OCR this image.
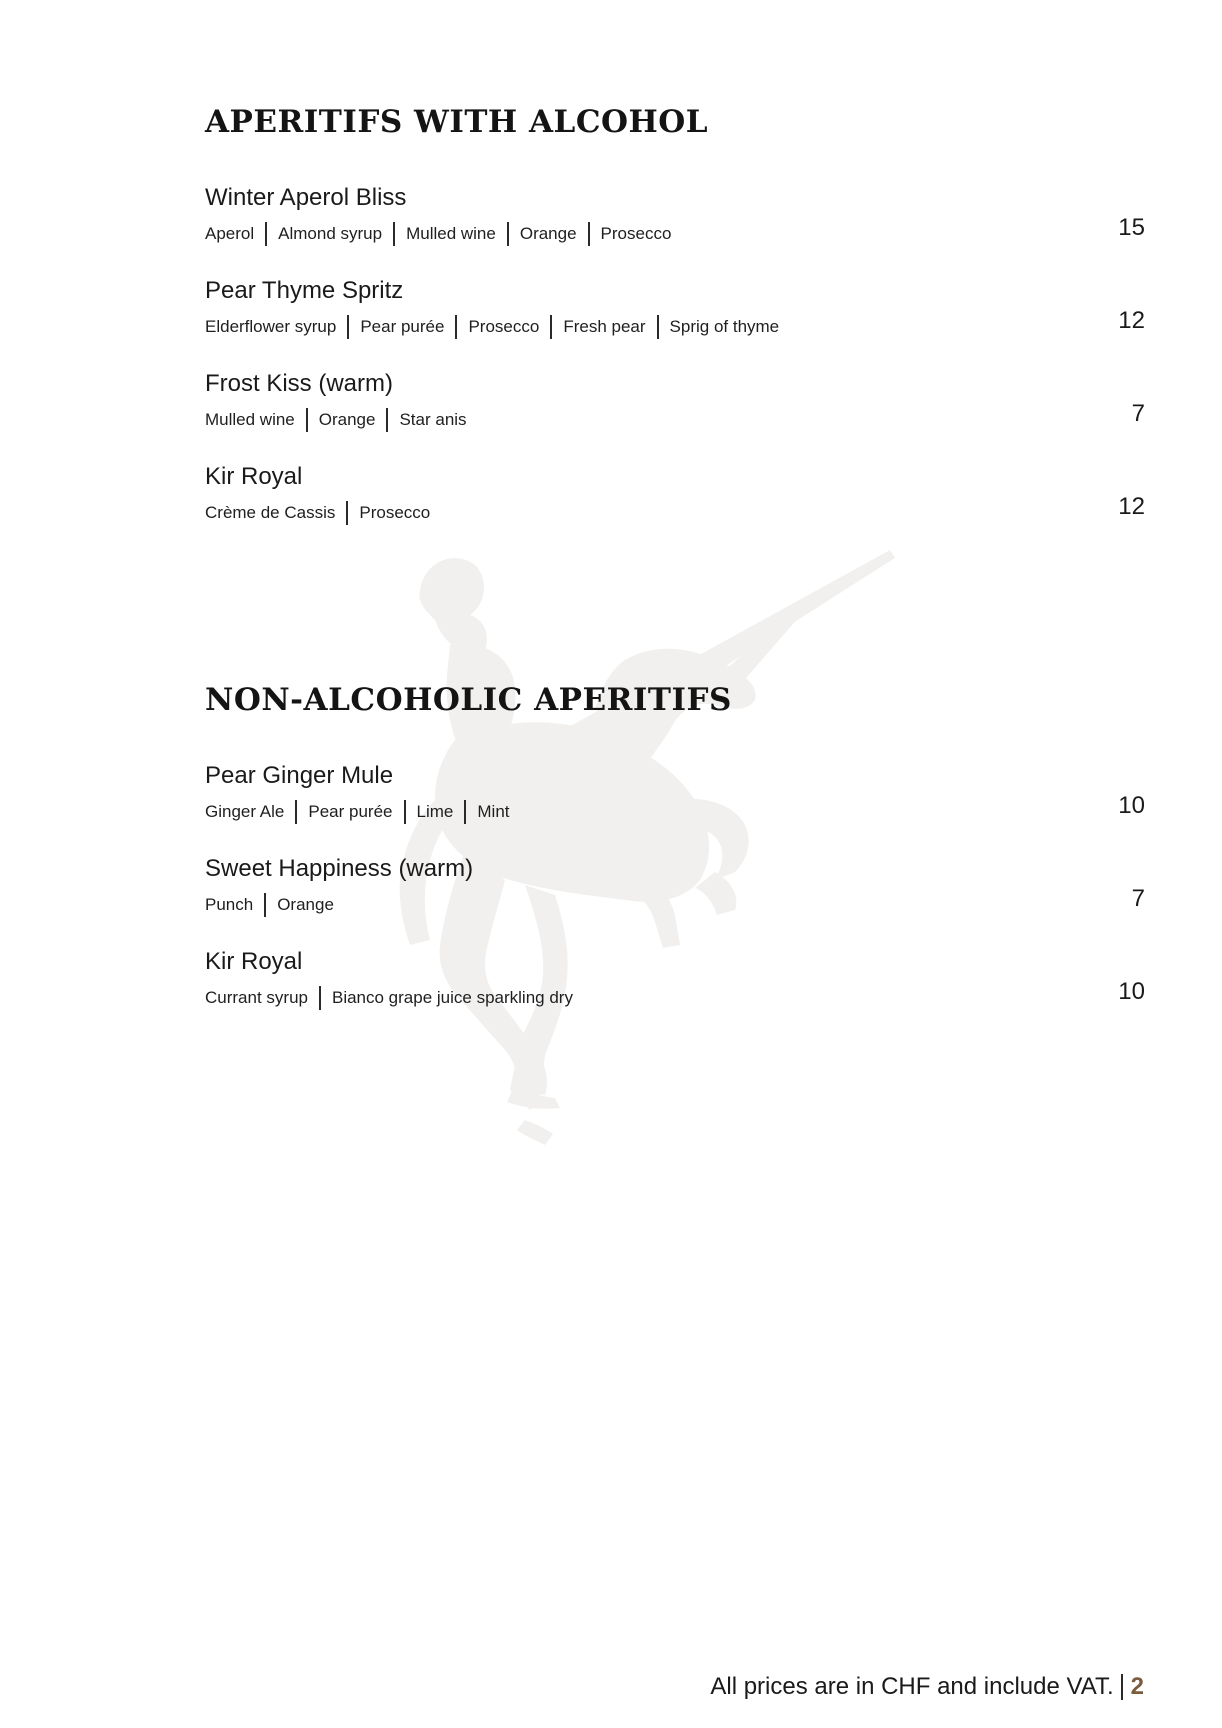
APERITIFS WITH ALCOHOL
Winter Aperol Bliss
Aperol Almond syrup Mulled wine Orange Prosecco	15
Pear Thyme Spritz
Elderflower syrup Pear purée Prosecco Fresh pear Sprig of thyme	12
Frost Kiss (warm)
Mulled wine Orange Star anis	7
Kir Royal
Crème de Cassis Prosecco	12
NON-ALCOHOLIC APERITIFS
Pear Ginger Mule
Ginger Ale Pear purée Lime Mint	10
Sweet Happiness (warm)
Punch Orange	7
Kir Royal
Currant syrup Bianco grape juice sparkling dry	10
All prices are in CHF and include VAT. 2
